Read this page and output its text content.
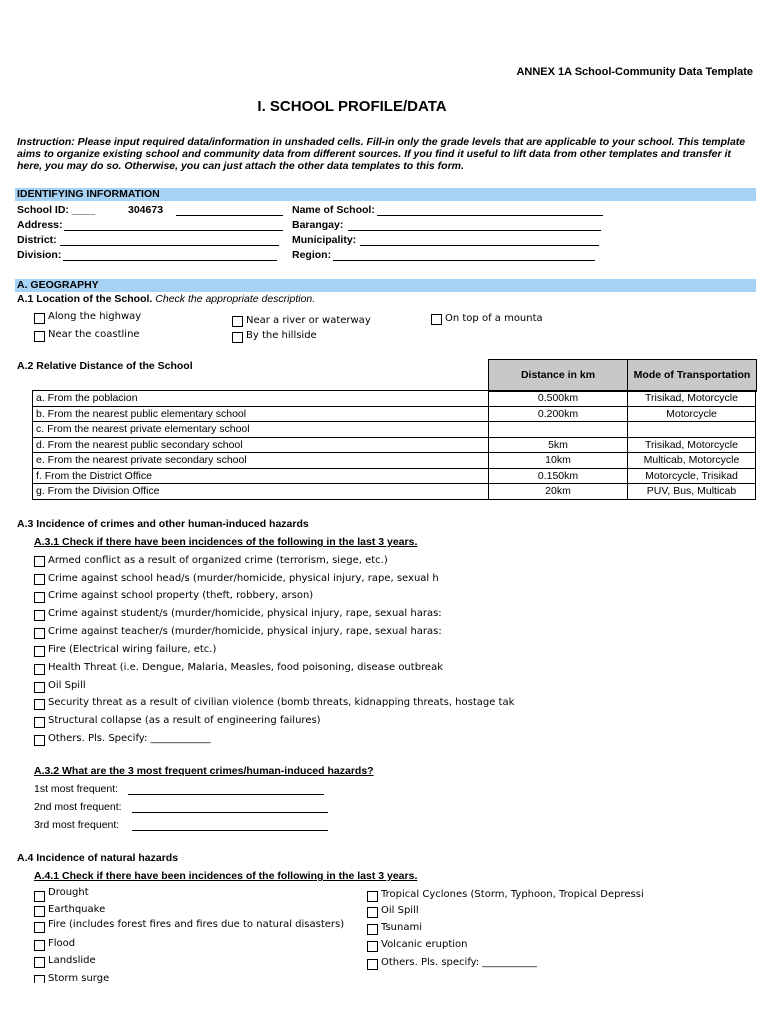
ANNEX 1A School-Community Data Template
I. SCHOOL PROFILE/DATA
Instruction: Please input required data/information in unshaded cells. Fill-in only the grade levels that are applicable to your school. This template aims to organize existing school and community data from different sources. If you find it useful to lift data from other templates and transfer it here, you may do so. Otherwise, you can just attach the other data templates to this form.
IDENTIFYING INFORMATION
School ID: ____	304673
Address:
District:
Division:
Name of School:
Barangay:
Municipality:
Region:
A. GEOGRAPHY
A.1 Location of the School. Check the appropriate description.
Along the highway
Near the coastline
Near a river or waterway
By the hillside
On top of a mounta
A.2 Relative Distance of the School
Distance in km	Mode of Transportation
a. From the poblacion	0.500km	Trisikad, Motorcycle
b. From the nearest public elementary school	0.200km	Motorcycle
c. From the nearest private elementary school		
d. From the nearest public secondary school	5km	Trisikad, Motorcycle
e. From the nearest private secondary school	10km	Multicab, Motorcycle
f. From the District Office	0.150km	Motorcycle, Trisikad
g. From the Division Office	20km	PUV, Bus, Multicab
A.3 Incidence of crimes and other human-induced hazards
A.3.1 Check if there have been incidences of the following in the last 3 years.
Armed conflict as a result of organized crime (terrorism, siege, etc.)
Crime against school head/s (murder/homicide, physical injury, rape, sexual h
Crime against school property (theft, robbery, arson)
Crime against student/s (murder/homicide, physical injury, rape, sexual haras:
Crime against teacher/s (murder/homicide, physical injury, rape, sexual haras:
Fire (Electrical wiring failure, etc.)
Health Threat (i.e. Dengue, Malaria, Measles, food poisoning, disease outbreak
Oil Spill
Security threat as a result of civilian violence (bomb threats, kidnapping threats, hostage tak
Structural collapse (as a result of engineering failures)
Others. Pls. Specify: ____________
A.3.2 What are the 3 most frequent crimes/human-induced hazards?
1st most frequent:
2nd most frequent:
3rd most frequent:
A.4 Incidence of natural hazards
A.4.1 Check if there have been incidences of the following in the last 3 years.
Drought
Earthquake
Fire (includes forest fires and fires due to natural disasters)
Flood
Landslide
Storm surge
Tropical Cyclones (Storm, Typhoon, Tropical Depressi
Oil Spill
Tsunami
Volcanic eruption
Others. Pls. specify: ___________
